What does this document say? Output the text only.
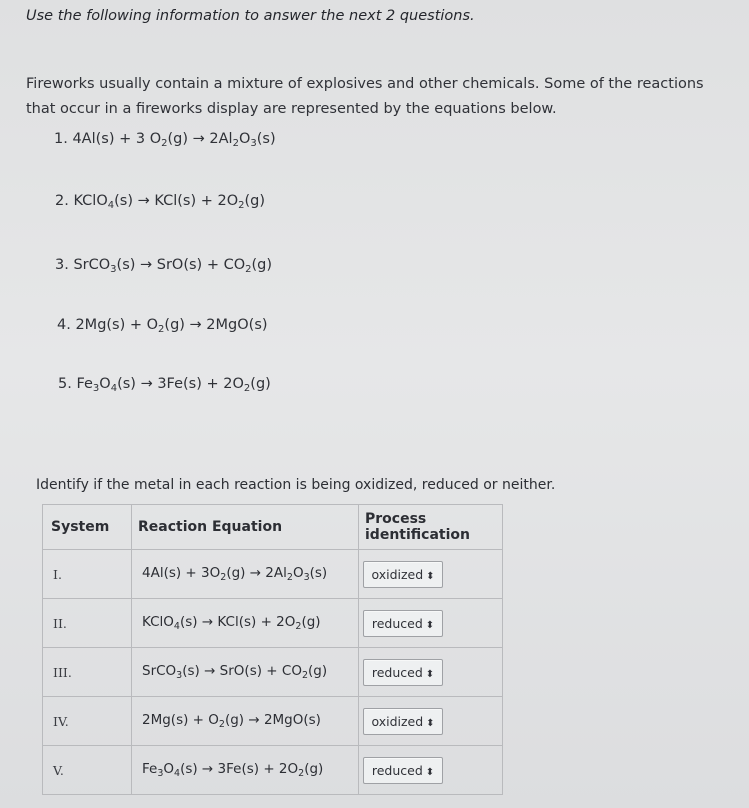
Use the following information to answer the next 2 questions.
Fireworks usually contain a mixture of explosives and other chemicals. Some of the reactions that occur in a fireworks display are represented by the equations below.
1. 4Al(s) + 3 $O_2(g) \to 2Al_2O_3(s)$
2. KClO$_4$(s) → $KCl(s) + 2O_2(g)$
3. SrCO$_3$(s) → $SrO(s) + CO_2(g)$
4. $2Mg(s) + O_2(g) \to 2MgO(s)$
5. $Fe_3O_4(s) \to 3Fe(s) + 2O_2(g)$
Identify if the metal in each reaction is being oxidized, reduced or neither.
System	Reaction Equation	Process identification
I.	$4Al(s) + 3O_2(g) \to 2Al_2O_3(s)$	oxidized ⬍
II.	KClO$_4$(s) → $KCl(s) + 2O_2(g)$	reduced ⬍
III.	SrCO$_3$(s) → $SrO(s) + CO_2(g)$	reduced ⬍
IV.	$2Mg(s) + O_2(g) \to 2MgO(s)$	oxidized ⬍
V.	$Fe_3O_4(s) \to 3Fe(s) + 2O_2(g)$	reduced ⬍
